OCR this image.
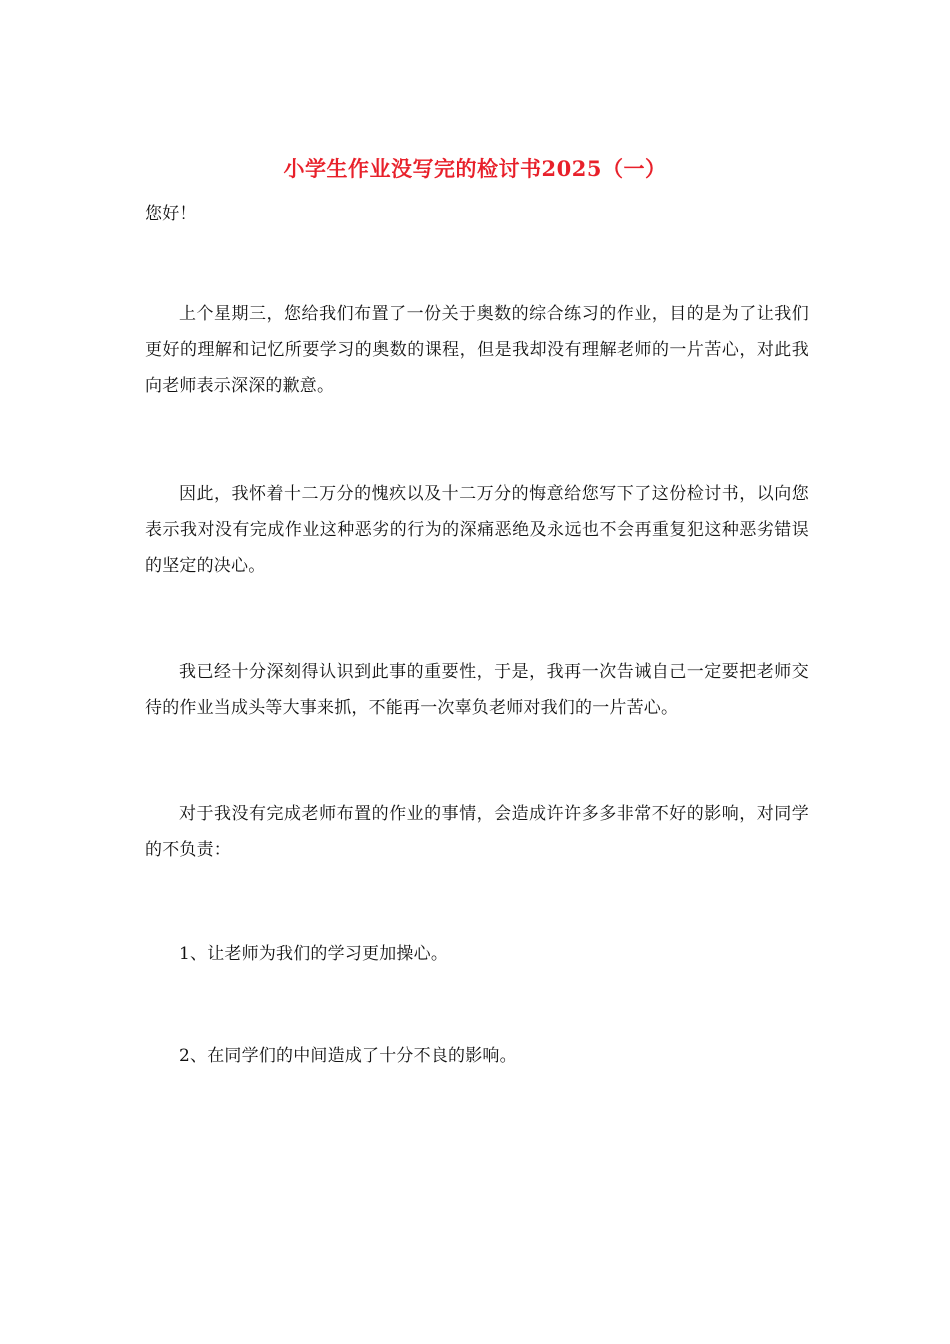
小学生作业没写完的检讨书2025（一）
您好！
上个星期三，您给我们布置了一份关于奥数的综合练习的作业，目的是为了让我们更好的理解和记忆所要学习的奥数的课程，但是我却没有理解老师的一片苦心，对此我向老师表示深深的歉意。
因此，我怀着十二万分的愧疚以及十二万分的悔意给您写下了这份检讨书，以向您表示我对没有完成作业这种恶劣的行为的深痛恶绝及永远也不会再重复犯这种恶劣错误的坚定的决心。
我已经十分深刻得认识到此事的重要性，于是，我再一次告诫自己一定要把老师交待的作业当成头等大事来抓，不能再一次辜负老师对我们的一片苦心。
对于我没有完成老师布置的作业的事情，会造成许许多多非常不好的影响，对同学的不负责：
1、让老师为我们的学习更加操心。
2、在同学们的中间造成了十分不良的影响。
